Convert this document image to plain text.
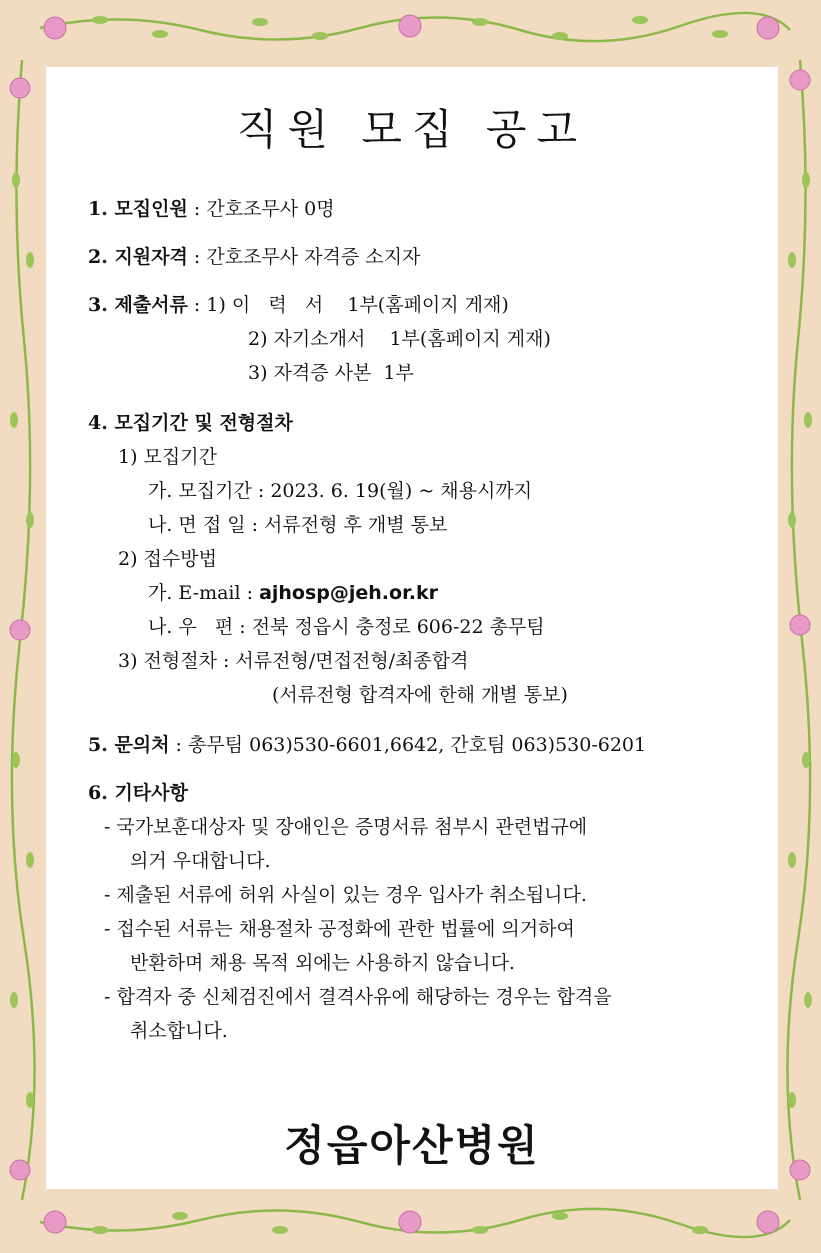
직원 모집 공고
1. 모집인원 : 간호조무사 0명
2. 지원자격 : 간호조무사 자격증 소지자
3. 제출서류 : 1) 이   력   서    1부(홈페이지 게재)
2) 자기소개서    1부(홈페이지 게재)
3) 자격증 사본  1부
4. 모집기간 및 전형절차
1) 모집기간
가. 모집기간 : 2023. 6. 19(월) ~ 채용시까지
나. 면 접 일 : 서류전형 후 개별 통보
2) 접수방법
가. E-mail : ajhosp@jeh.or.kr
나. 우   편 : 전북 정읍시 충정로 606-22 총무팀
3) 전형절차 : 서류전형/면접전형/최종합격
(서류전형 합격자에 한해 개별 통보)
5. 문의처 : 총무팀 063)530-6601,6642, 간호팀 063)530-6201
6. 기타사항
- 국가보훈대상자 및 장애인은 증명서류 첨부시 관련법규에
의거 우대합니다.
- 제출된 서류에 허위 사실이 있는 경우 입사가 취소됩니다.
- 접수된 서류는 채용절차 공정화에 관한 법률에 의거하여
반환하며 채용 목적 외에는 사용하지 않습니다.
- 합격자 중 신체검진에서 결격사유에 해당하는 경우는 합격을
취소합니다.
정읍아산병원
